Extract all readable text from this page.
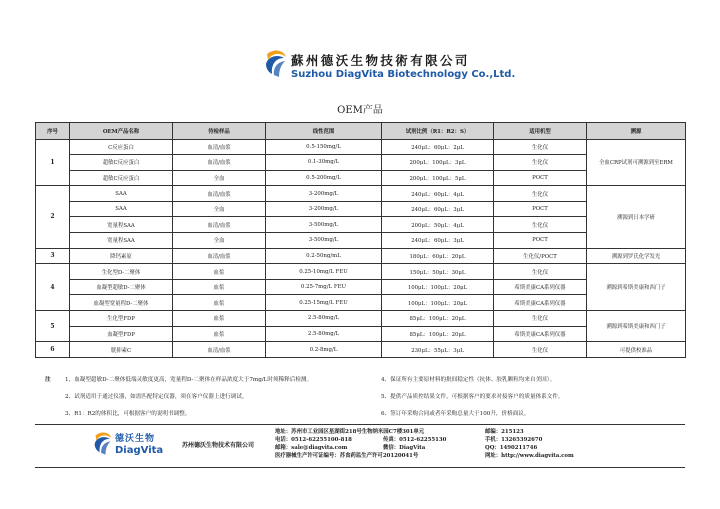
蘇州德沃生物技術有限公司
Suzhou DiagVita Biotechnology Co.,Ltd.
OEM产品
序号	OEM产品名称	待检样品	线性范围	试剂比例（R1：R2：S）	适用机型	溯源
1	C反应蛋白	血清/血浆	0.5-150mg/L	240μL：60μL：2μL	生化仪	全血CRP试剂可溯源到至ERM
	超敏C反应蛋白	血清/血浆	0.1-30mg/L	200μL：100μL：3μL	生化仪	
	超敏C反应蛋白	全血	0.5-200mg/L	200μL：100μL：5μL	POCT	
2	SAA	血清/血浆	3-200mg/L	240μL：60μL：4μL	生化仪	溯源到日本学研
	SAA	全血	3-200mg/L	240μL：60μL：3μL	POCT	
	宽量程SAA	血清/血浆	3-500mg/L	200μL：50μL：4μL	生化仪	
	宽量程SAA	全血	3-500mg/L	240μL：60μL：3μL	POCT	
3	降钙素原	血清/血浆	0.2-50ng/mL	180μL：60μL：20μL	生化仪/POCT	溯源到罗氏化学发光
4	生化型D-二聚体	血浆	0.25-10mg/L FEU	150μL：50μL：30μL	生化仪	溯源到希斯美康和西门子
	血凝型超敏D-二聚体	血浆	0.25-7mg/L FEU	100μL：100μL：20μL	希斯美康CA系列仪器	
	血凝型宽量程D-二聚体	血浆	0.25-15mg/L FEU	100μL：100μL：20μL	希斯美康CA系列仪器	
5	生化型FDP	血浆	2.5-80mg/L	85μL：100μL：20μL	生化仪	溯源到希斯美康和西门子
	血凝型FDP	血浆	2.5-80mg/L	85μL：100μL：20μL	希斯美康CA系列仪器	
6	胱抑素C	血清/血浆	0.2-8mg/L	230μL：55μL：3μL	生化仪	可提供校准品
注	1、血凝型超敏D-二聚体低端灵敏度更高，宽量程D-二聚体在样品浓度大于7mg/L时须稀释后检测。
2、试剂适用于通过仪器，如需匹配特定仪器，须在客户仪器上进行调试。
3、R1：R2的体积比，可根据客户的说明书调整。
4、保证所有主要原材料的批间稳定性（抗体、胶乳颗粒均来自美国）。
5、提供产品质控结果文件，可根据客户的要求对接客户的质量体系文件。
6、签订年采购合同或者年采购总量大于100升，价格面议。
德沃生物
DiagVita	苏州德沃生物技术有限公司
地址：苏州市工业园区星湖街218号生物纳米园C7楼301单元
电话：0512-62255100-818
邮箱：sale@diagvita.com
医疗器械生产许可证编号：苏食药监生产许可20120041号
传真：0512-62255130
微信：DiagVita
邮编：215123
手机：13265392670
QQ：1490211746
网址：http://www.diagvita.com
